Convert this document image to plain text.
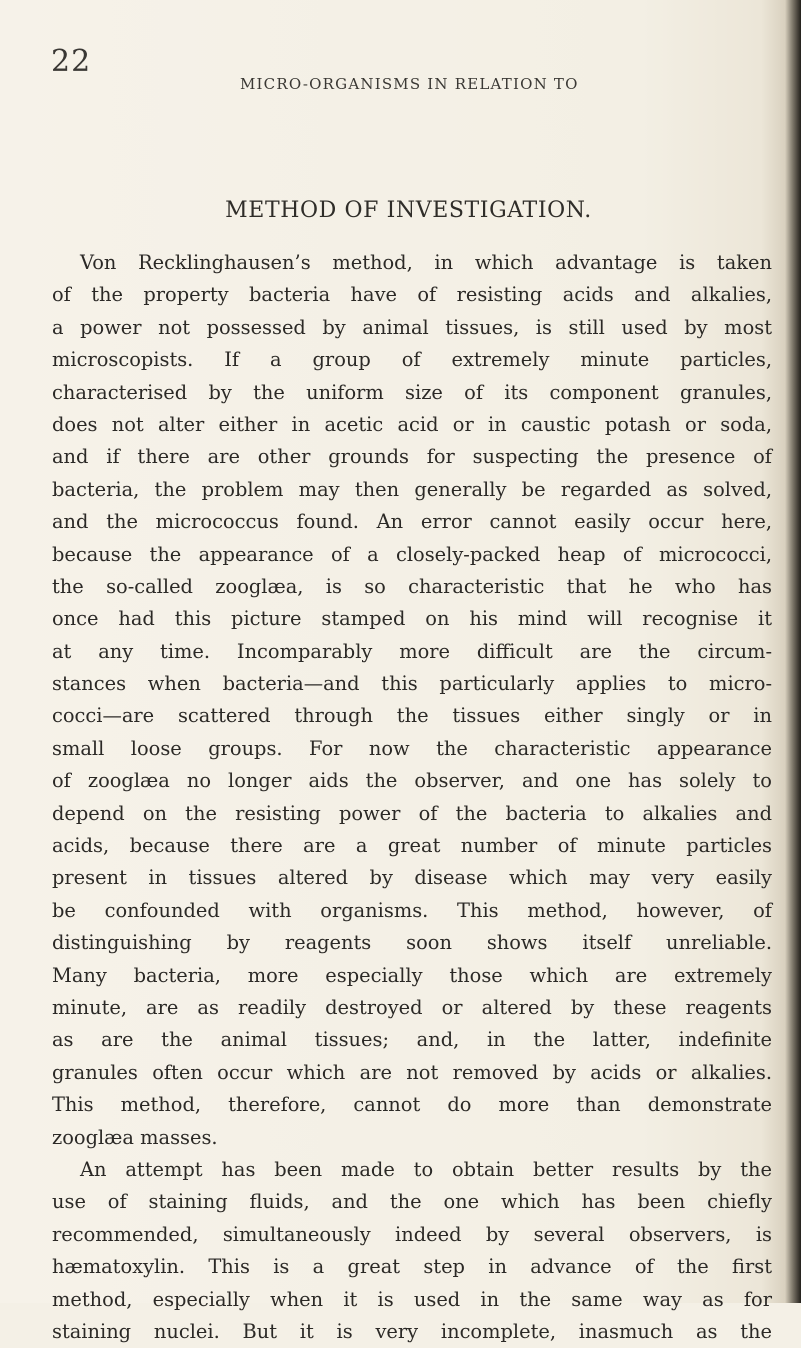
22
MICRO-ORGANISMS IN RELATION TO
METHOD OF INVESTIGATION.

Von Recklinghausen’s method, in which advantage is taken
of the property bacteria have of resisting acids and alkalies,
a power not possessed by animal tissues, is still used by most
microscopists. If a group of extremely minute particles,
characterised by the uniform size of its component granules,
does not alter either in acetic acid or in caustic potash or soda,
and if there are other grounds for suspecting the presence of
bacteria, the problem may then generally be regarded as solved,
and the micrococcus found. An error cannot easily occur here,
because the appearance of a closely-packed heap of micrococci,
the so-called zooglæa, is so characteristic that he who has
once had this picture stamped on his mind will recognise it
at any time. Incomparably more difficult are the circum-
stances when bacteria—and this particularly applies to micro-
cocci—are scattered through the tissues either singly or in
small loose groups. For now the characteristic appearance
of zooglæa no longer aids the observer, and one has solely to
depend on the resisting power of the bacteria to alkalies and
acids, because there are a great number of minute particles
present in tissues altered by disease which may very easily
be confounded with organisms. This method, however, of
distinguishing by reagents soon shows itself unreliable.
Many bacteria, more especially those which are extremely
minute, are as readily destroyed or altered by these reagents
as are the animal tissues; and, in the latter, indefinite
granules often occur which are not removed by acids or alkalies.
This method, therefore, cannot do more than demonstrate
zooglæa masses.

An attempt has been made to obtain better results by the
use of staining fluids, and the one which has been chiefly
recommended, simultaneously indeed by several observers, is
hæmatoxylin. This is a great step in advance of the first
method, especially when it is used in the same way as for
staining nuclei. But it is very incomplete, inasmuch as the
